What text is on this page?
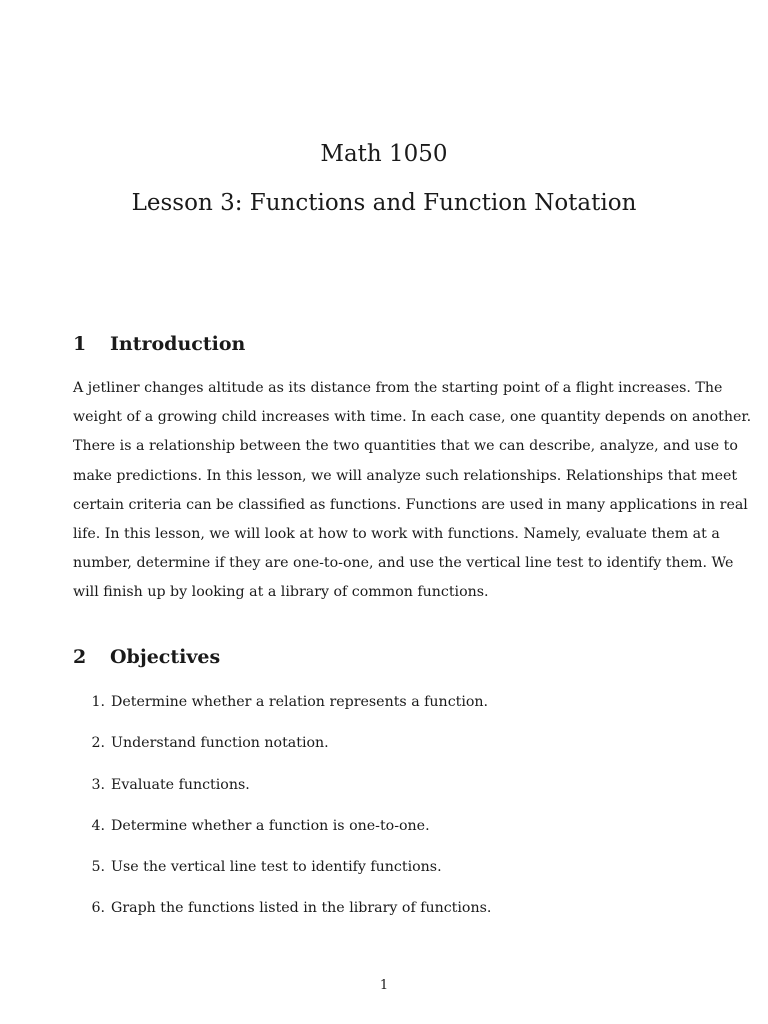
Math 1050
Lesson 3: Functions and Function Notation
1 Introduction
A jetliner changes altitude as its distance from the starting point of a flight increases. The
weight of a growing child increases with time. In each case, one quantity depends on another.
There is a relationship between the two quantities that we can describe, analyze, and use to
make predictions. In this lesson, we will analyze such relationships. Relationships that meet
certain criteria can be classified as functions. Functions are used in many applications in real
life. In this lesson, we will look at how to work with functions. Namely, evaluate them at a
number, determine if they are one-to-one, and use the vertical line test to identify them. We
will finish up by looking at a library of common functions.
2 Objectives
1. Determine whether a relation represents a function.
2. Understand function notation.
3. Evaluate functions.
4. Determine whether a function is one-to-one.
5. Use the vertical line test to identify functions.
6. Graph the functions listed in the library of functions.
1
